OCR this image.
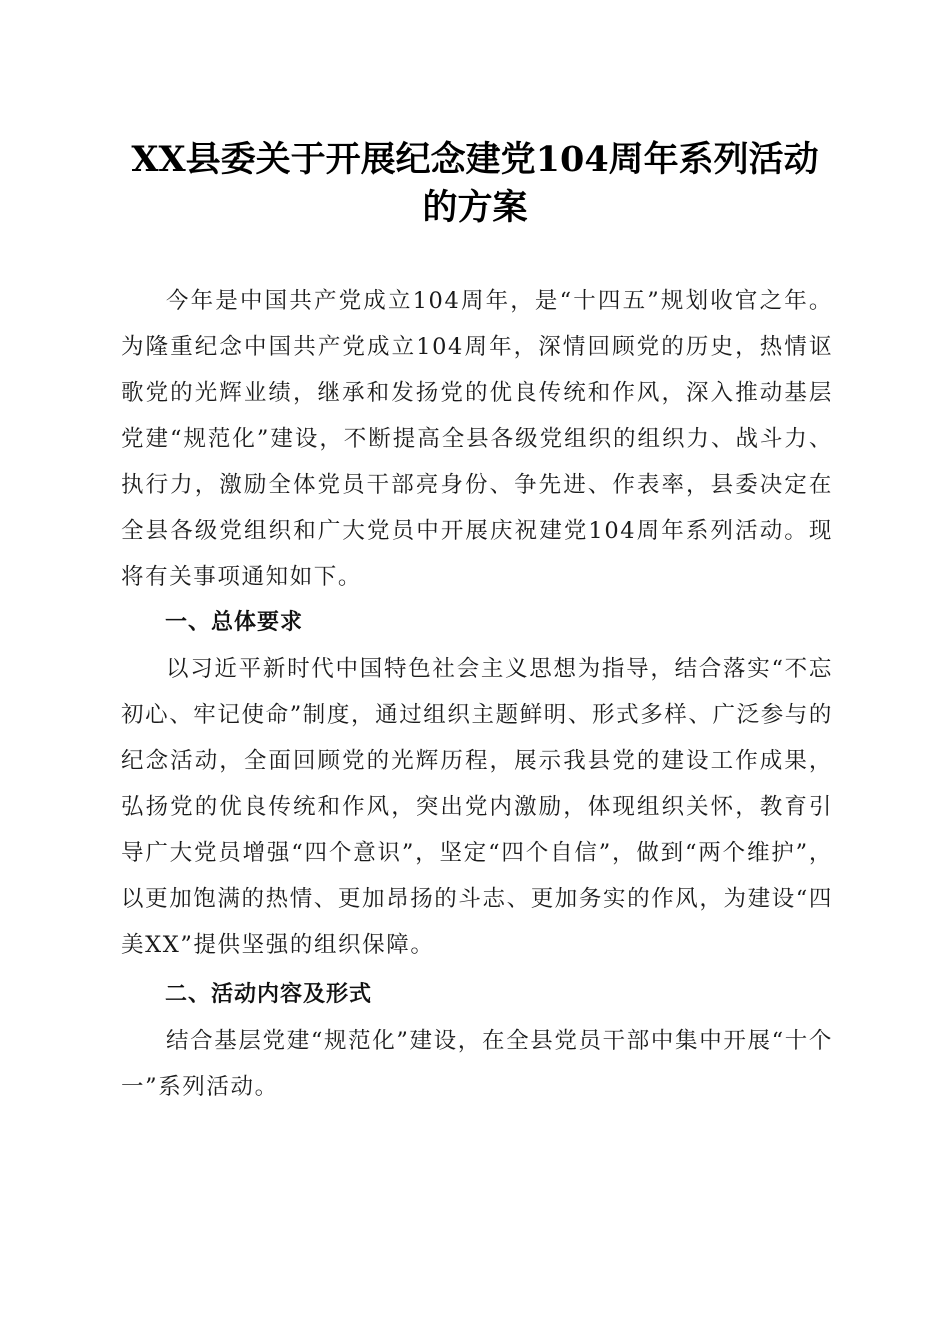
XX县委关于开展纪念建党104周年系列活动
的方案

今年是中国共产党成立104周年，是“十四五”规划收官之年。为隆重纪念中国共产党成立104周年，深情回顾党的历史，热情讴歌党的光辉业绩，继承和发扬党的优良传统和作风，深入推动基层党建“规范化”建设，不断提高全县各级党组织的组织力、战斗力、执行力，激励全体党员干部亮身份、争先进、作表率，县委决定在全县各级党组织和广大党员中开展庆祝建党104周年系列活动。现将有关事项通知如下。

一、总体要求

以习近平新时代中国特色社会主义思想为指导，结合落实“不忘初心、牢记使命”制度，通过组织主题鲜明、形式多样、广泛参与的纪念活动，全面回顾党的光辉历程，展示我县党的建设工作成果，弘扬党的优良传统和作风，突出党内激励，体现组织关怀，教育引导广大党员增强“四个意识”，坚定“四个自信”，做到“两个维护”，以更加饱满的热情、更加昂扬的斗志、更加务实的作风，为建设“四美XX”提供坚强的组织保障。

二、活动内容及形式

结合基层党建“规范化”建设，在全县党员干部中集中开展“十个一”系列活动。
